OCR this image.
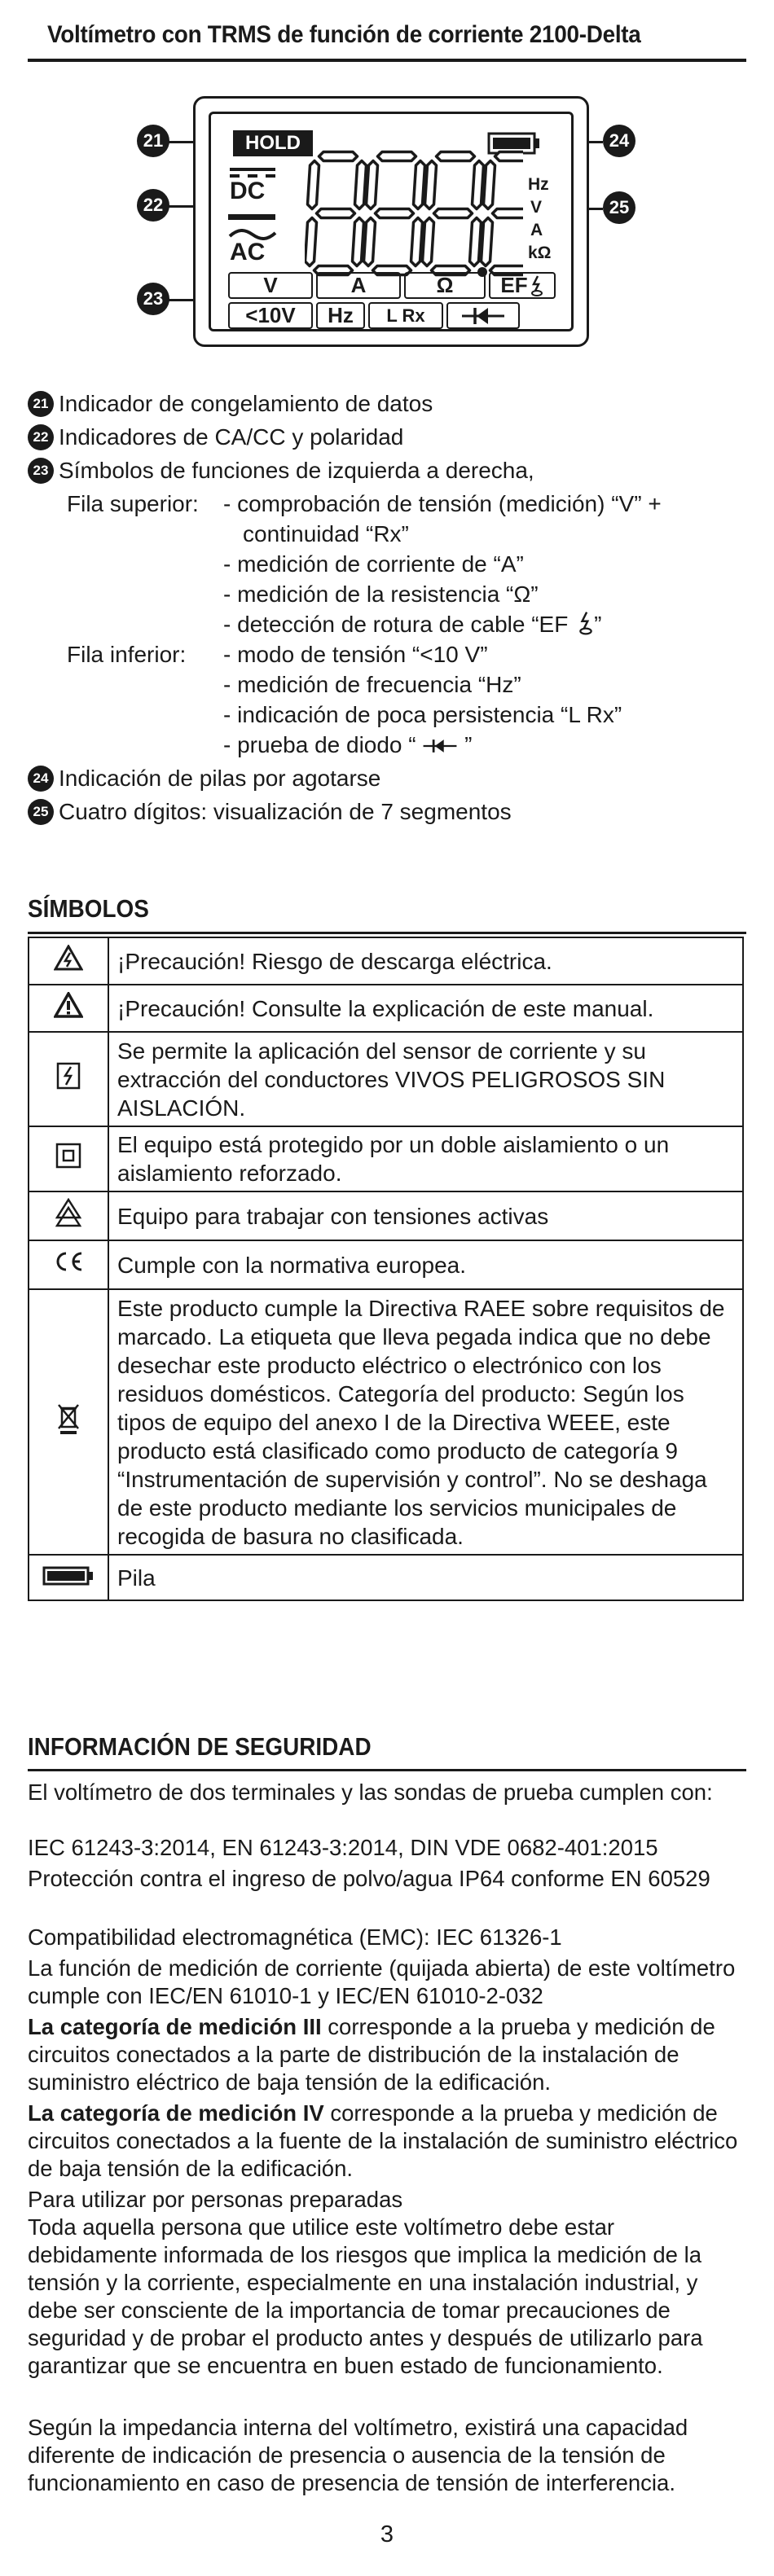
Voltímetro con TRMS de función de corriente 2100-Delta
21
22
23
24
25
HOLD
DC
AC
Hz
V
A
kΩ
V	A	Ω	EF
<10V	Hz	L Rx
21 Indicador de congelamiento de datos
22 Indicadores de CA/CC y polaridad
23 Símbolos de funciones de izquierda a derecha,
Fila superior: - comprobación de tensión (medición) “V” +
continuidad “Rx”
- medición de corriente de “A”
- medición de la resistencia “Ω”
- detección de rotura de cable “EF ”
Fila inferior: - modo de tensión “<10 V”
- medición de frecuencia “Hz”
- indicación de poca persistencia “L Rx”
- prueba de diodo “  ”
24 Indicación de pilas por agotarse
25 Cuatro dígitos: visualización de 7 segmentos
SÍMBOLOS
	¡Precaución! Riesgo de descarga eléctrica.
	¡Precaución! Consulte la explicación de este manual.
	Se permite la aplicación del sensor de corriente y su extracción del conductores VIVOS PELIGROSOS SIN AISLACIÓN.
	El equipo está protegido por un doble aislamiento o un aislamiento reforzado.
	Equipo para trabajar con tensiones activas
	Cumple con la normativa europea.
	Este producto cumple la Directiva RAEE sobre requisitos de marcado. La etiqueta que lleva pegada indica que no debe desechar este producto eléctrico o electrónico con los residuos domésticos. Categoría del producto: Según los tipos de equipo del anexo I de la Directiva WEEE, este producto está clasificado como producto de categoría 9 “Instrumentación de supervisión y control”. No se deshaga de este producto mediante los servicios municipales de recogida de basura no clasificada.
	Pila
INFORMACIÓN DE SEGURIDAD
El voltímetro de dos terminales y las sondas de prueba cumplen con:
IEC 61243-3:2014, EN 61243-3:2014, DIN VDE 0682-401:2015
Protección contra el ingreso de polvo/agua IP64 conforme EN 60529
Compatibilidad electromagnética (EMC): IEC 61326-1
La función de medición de corriente (quijada abierta) de este voltímetro cumple con IEC/EN 61010-1 y IEC/EN 61010-2-032
La categoría de medición III corresponde a la prueba y medición de circuitos conectados a la parte de distribución de la instalación de suministro eléctrico de baja tensión de la edificación.
La categoría de medición IV corresponde a la prueba y medición de circuitos conectados a la fuente de la instalación de suministro eléctrico de baja tensión de la edificación.
Para utilizar por personas preparadas
Toda aquella persona que utilice este voltímetro debe estar debidamente informada de los riesgos que implica la medición de la tensión y la corriente, especialmente en una instalación industrial, y debe ser consciente de la importancia de tomar precauciones de seguridad y de probar el producto antes y después de utilizarlo para garantizar que se encuentra en buen estado de funcionamiento.
Según la impedancia interna del voltímetro, existirá una capacidad diferente de indicación de presencia o ausencia de la tensión de funcionamiento en caso de presencia de tensión de interferencia.
3
